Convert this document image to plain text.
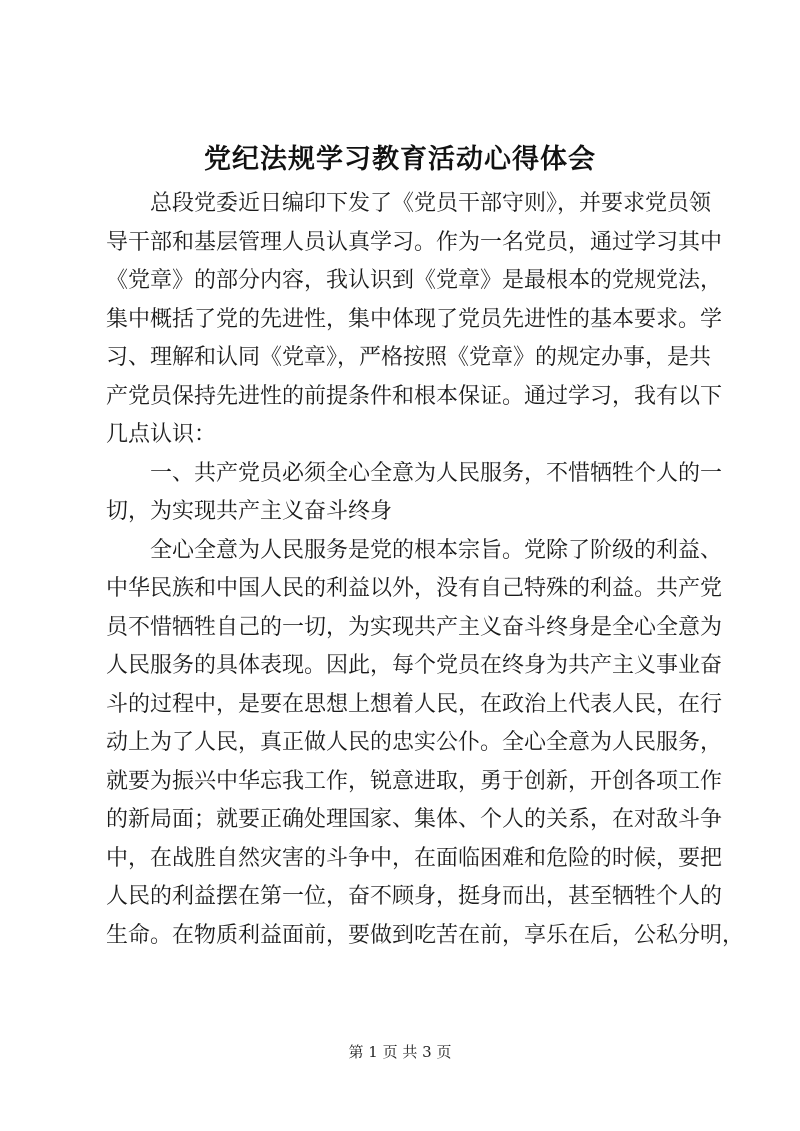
党纪法规学习教育活动心得体会
总段党委近日编印下发了《党员干部守则》，并要求党员领
导干部和基层管理人员认真学习。作为一名党员，通过学习其中
《党章》的部分内容，我认识到《党章》是最根本的党规党法，
集中概括了党的先进性，集中体现了党员先进性的基本要求。学
习、理解和认同《党章》，严格按照《党章》的规定办事，是共
产党员保持先进性的前提条件和根本保证。通过学习，我有以下
几点认识：
一、共产党员必须全心全意为人民服务，不惜牺牲个人的一
切，为实现共产主义奋斗终身
全心全意为人民服务是党的根本宗旨。党除了阶级的利益、
中华民族和中国人民的利益以外，没有自己特殊的利益。共产党
员不惜牺牲自己的一切，为实现共产主义奋斗终身是全心全意为
人民服务的具体表现。因此，每个党员在终身为共产主义事业奋
斗的过程中，是要在思想上想着人民，在政治上代表人民，在行
动上为了人民，真正做人民的忠实公仆。全心全意为人民服务，
就要为振兴中华忘我工作，锐意进取，勇于创新，开创各项工作
的新局面；就要正确处理国家、集体、个人的关系，在对敌斗争
中，在战胜自然灾害的斗争中，在面临困难和危险的时候，要把
人民的利益摆在第一位，奋不顾身，挺身而出，甚至牺牲个人的
生命。在物质利益面前，要做到吃苦在前，享乐在后，公私分明，
第 1 页 共 3 页
